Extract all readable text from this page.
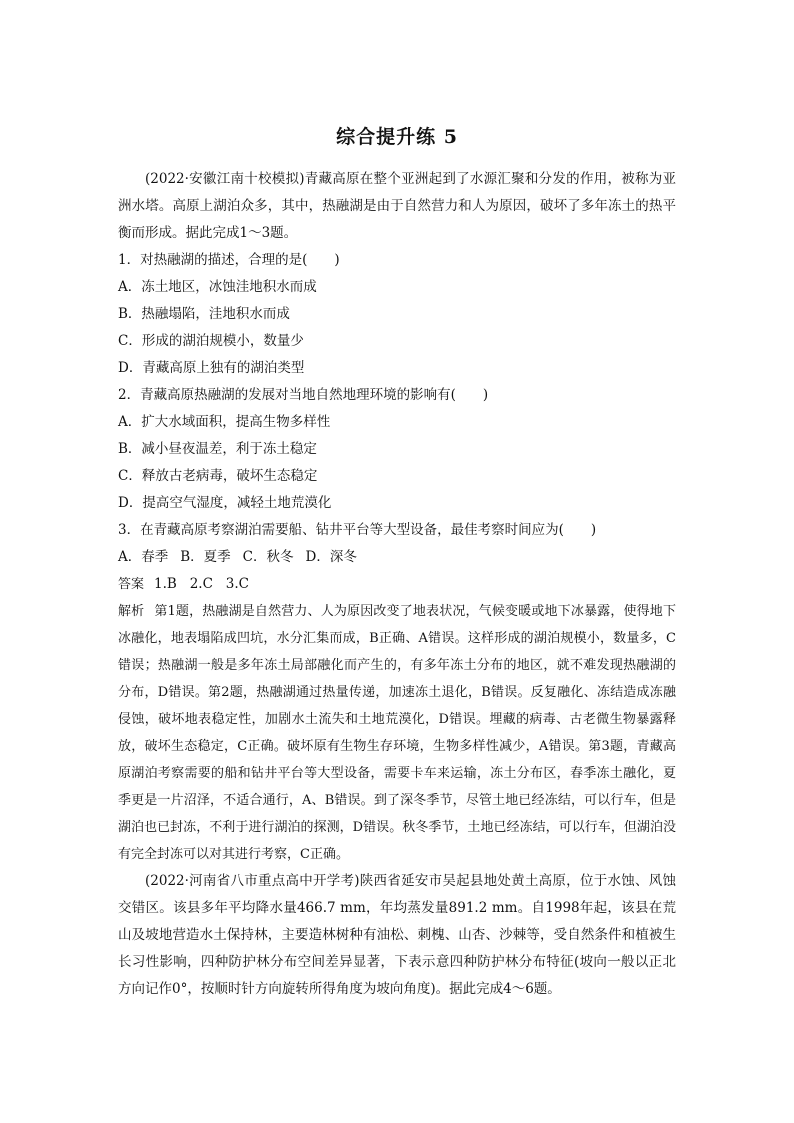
综合提升练 5

(2022·安徽江南十校模拟)青藏高原在整个亚洲起到了水源汇聚和分发的作用，被称为亚洲水塔。高原上湖泊众多，其中，热融湖是由于自然营力和人为原因，破坏了多年冻土的热平衡而形成。据此完成1～3题。

1．对热融湖的描述，合理的是(　　)

A．冻土地区，冰蚀洼地积水而成

B．热融塌陷，洼地积水而成

C．形成的湖泊规模小，数量少

D．青藏高原上独有的湖泊类型

2．青藏高原热融湖的发展对当地自然地理环境的影响有(　　)

A．扩大水域面积，提高生物多样性

B．减小昼夜温差，利于冻土稳定

C．释放古老病毒，破坏生态稳定

D．提高空气湿度，减轻土地荒漠化

3．在青藏高原考察湖泊需要船、钻井平台等大型设备，最佳考察时间应为(　　)

A．春季 B．夏季 C．秋冬 D．深冬

答案 1.B 2.C 3.C

解析 第1题，热融湖是自然营力、人为原因改变了地表状况，气候变暖或地下冰暴露，使得地下冰融化，地表塌陷成凹坑，水分汇集而成，B正确、A错误。这样形成的湖泊规模小，数量多，C错误；热融湖一般是多年冻土局部融化而产生的，有多年冻土分布的地区，就不难发现热融湖的分布，D错误。第2题，热融湖通过热量传递，加速冻土退化，B错误。反复融化、冻结造成冻融侵蚀，破坏地表稳定性，加剧水土流失和土地荒漠化，D错误。埋藏的病毒、古老微生物暴露释放，破坏生态稳定，C正确。破坏原有生物生存环境，生物多样性减少，A错误。第3题，青藏高原湖泊考察需要的船和钻井平台等大型设备，需要卡车来运输，冻土分布区，春季冻土融化，夏季更是一片沼泽，不适合通行，A、B错误。到了深冬季节，尽管土地已经冻结，可以行车，但是湖泊也已封冻，不利于进行湖泊的探测，D错误。秋冬季节，土地已经冻结，可以行车，但湖泊没有完全封冻可以对其进行考察，C正确。

(2022·河南省八市重点高中开学考)陕西省延安市吴起县地处黄土高原，位于水蚀、风蚀交错区。该县多年平均降水量466.7 mm，年均蒸发量891.2 mm。自1998年起，该县在荒山及坡地营造水土保持林，主要造林树种有油松、刺槐、山杏、沙棘等，受自然条件和植被生长习性影响，四种防护林分布空间差异显著，下表示意四种防护林分布特征(坡向一般以正北方向记作0°，按顺时针方向旋转所得角度为坡向角度)。据此完成4～6题。
